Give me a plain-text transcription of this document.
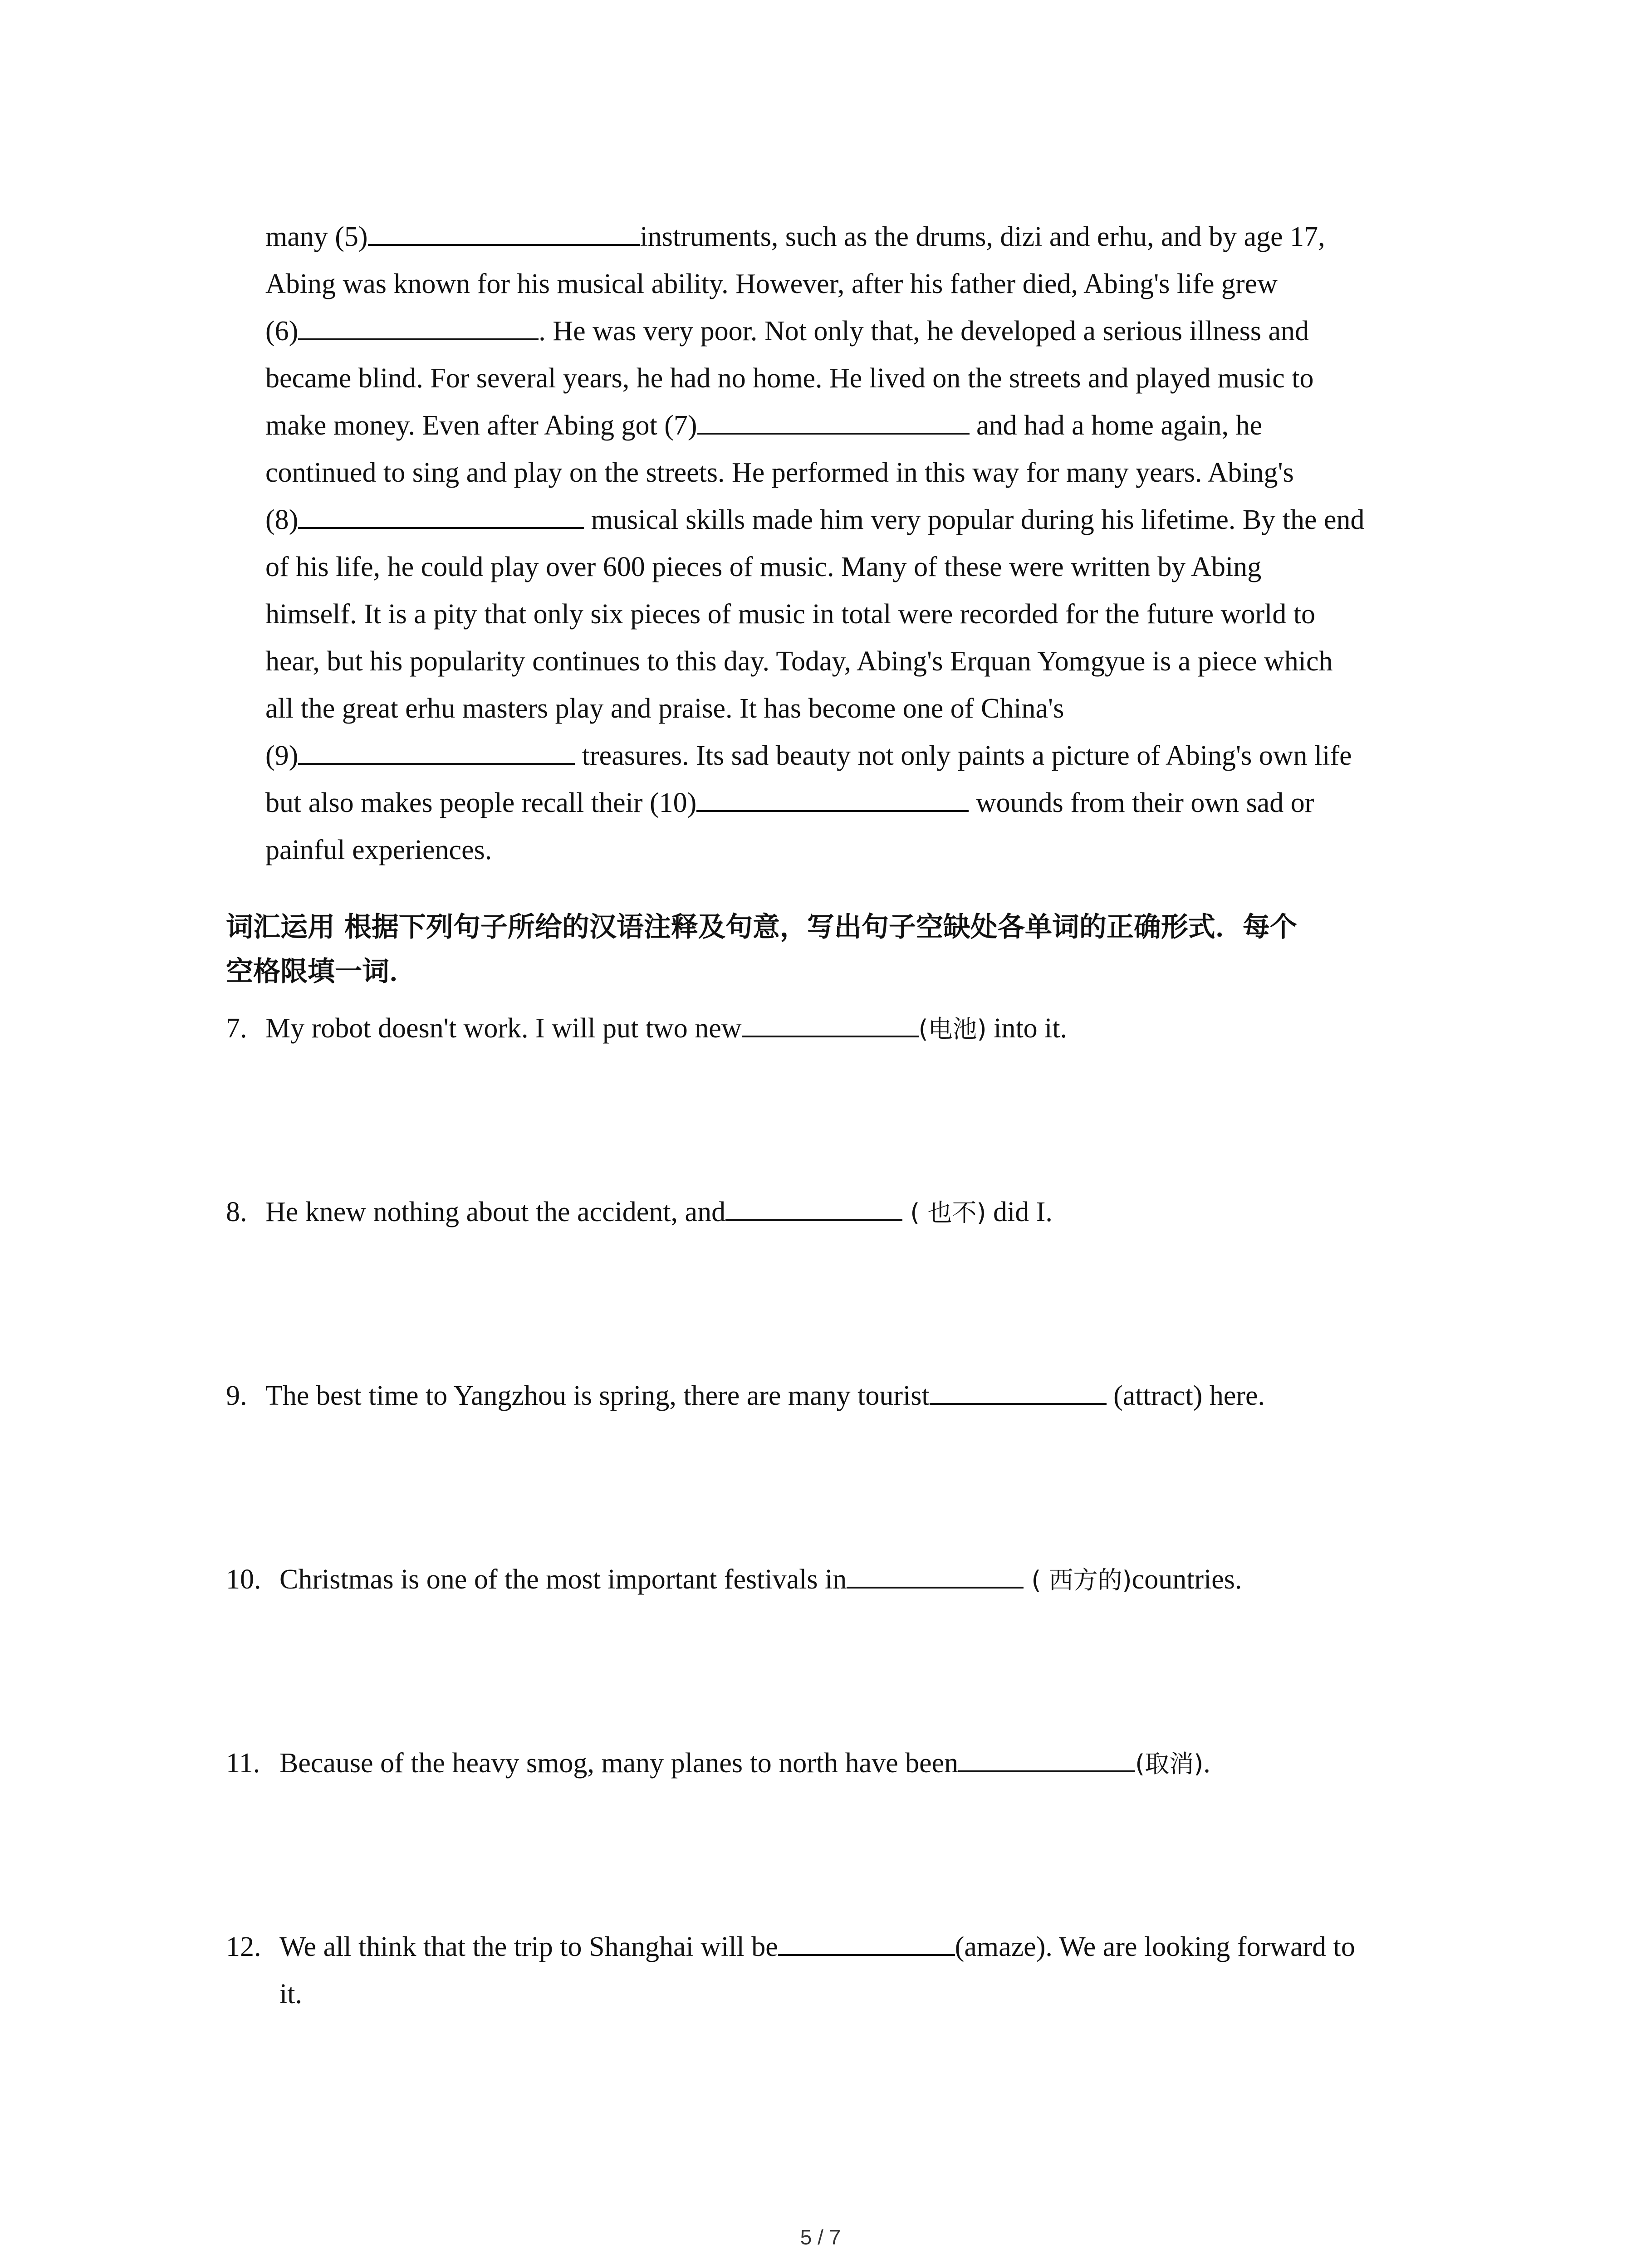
many (5)	instruments, such as the drums, dizi and erhu, and by age 17,
Abing was known for his musical ability. However, after his father died, Abing's life grew
(6)	. He was very poor. Not only that, he developed a serious illness and
became blind. For several years, he had no home. He lived on the streets and played music to
make money. Even after Abing got (7)	and had a home again, he
continued to sing and play on the streets. He performed in this way for many years. Abing's
(8)	musical skills made him very popular during his lifetime. By the end
of his life, he could play over 600 pieces of music. Many of these were written by Abing
himself. It is a pity that only six pieces of music in total were recorded for the future world to
hear, but his popularity continues to this day. Today, Abing's Erquan Yomgyue is a piece which
all the great erhu masters play and praise. It has become one of China's
(9)	treasures. Its sad beauty not only paints a picture of Abing's own life
but also makes people recall their (10)	wounds from their own sad or
painful experiences.
词汇运用 根据下列句子所给的汉语注释及句意，写出句子空缺处各单词的正确形式．每个
空格限填一词．
7. My robot doesn't work. I will put two new	(电池) into it.
8. He knew nothing about the accident, and	( 也不) did I.
9. The best time to Yangzhou is spring, there are many tourist	(attract) here.
10. Christmas is one of the most important festivals in	( 西方的)countries.
11. Because of the heavy smog, many planes to north have been	(取消).
12. We all think that the trip to Shanghai will be	(amaze). We are looking forward to
it.
5 / 7
